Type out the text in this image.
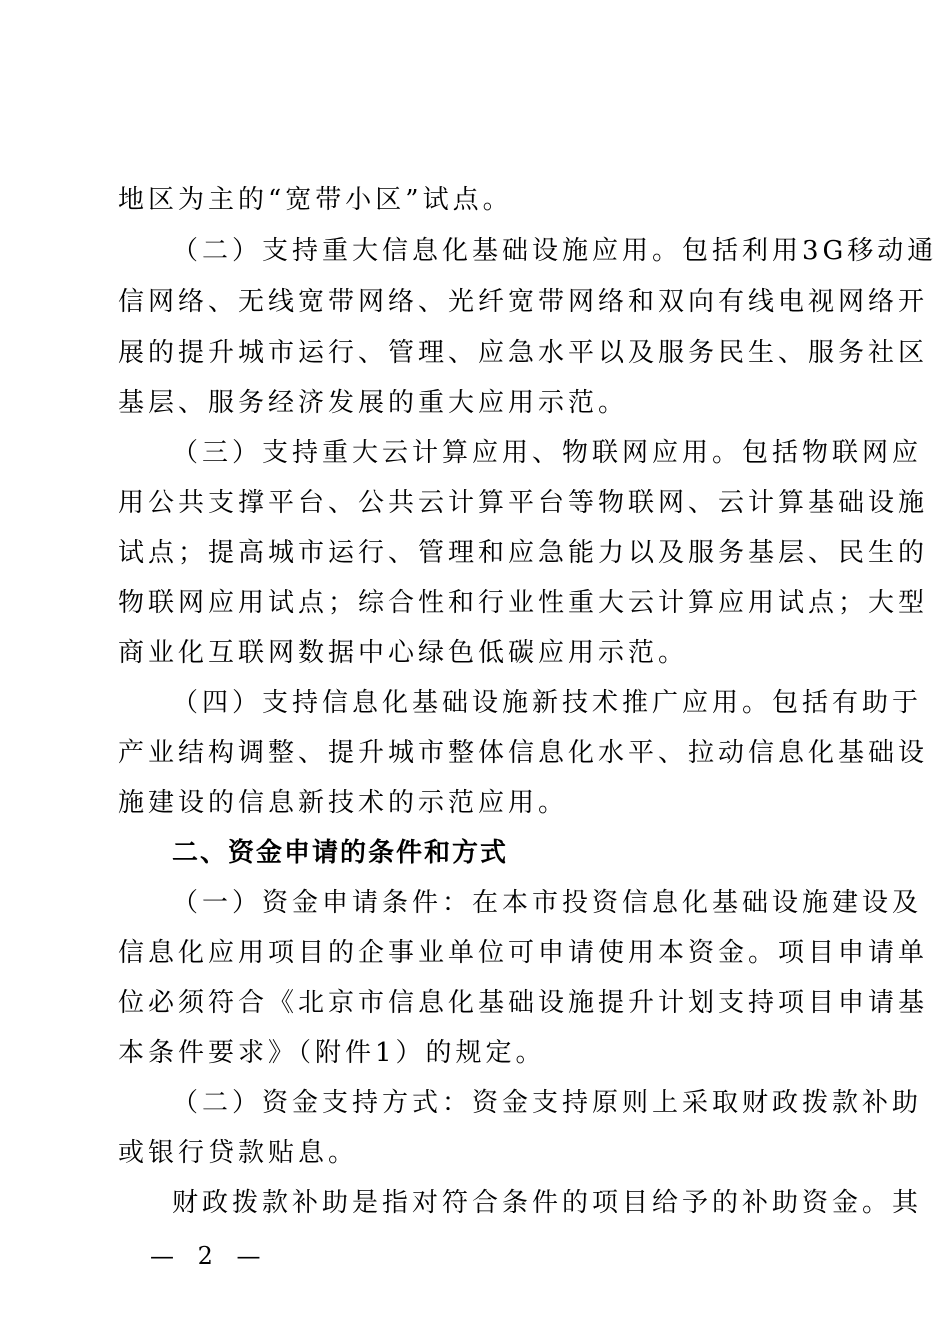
地区为主的“宽带小区”试点。
（二）支持重大信息化基础设施应用。包括利用3G移动通
信网络、无线宽带网络、光纤宽带网络和双向有线电视网络开
展的提升城市运行、管理、应急水平以及服务民生、服务社区
基层、服务经济发展的重大应用示范。
（三）支持重大云计算应用、物联网应用。包括物联网应
用公共支撑平台、公共云计算平台等物联网、云计算基础设施
试点；提高城市运行、管理和应急能力以及服务基层、民生的
物联网应用试点；综合性和行业性重大云计算应用试点；大型
商业化互联网数据中心绿色低碳应用示范。
（四）支持信息化基础设施新技术推广应用。包括有助于
产业结构调整、提升城市整体信息化水平、拉动信息化基础设
施建设的信息新技术的示范应用。
二、资金申请的条件和方式
（一）资金申请条件：在本市投资信息化基础设施建设及
信息化应用项目的企事业单位可申请使用本资金。项目申请单
位必须符合《北京市信息化基础设施提升计划支持项目申请基
本条件要求》（附件1）的规定。
（二）资金支持方式：资金支持原则上采取财政拨款补助
或银行贷款贴息。
财政拨款补助是指对符合条件的项目给予的补助资金。其
— 2 —
